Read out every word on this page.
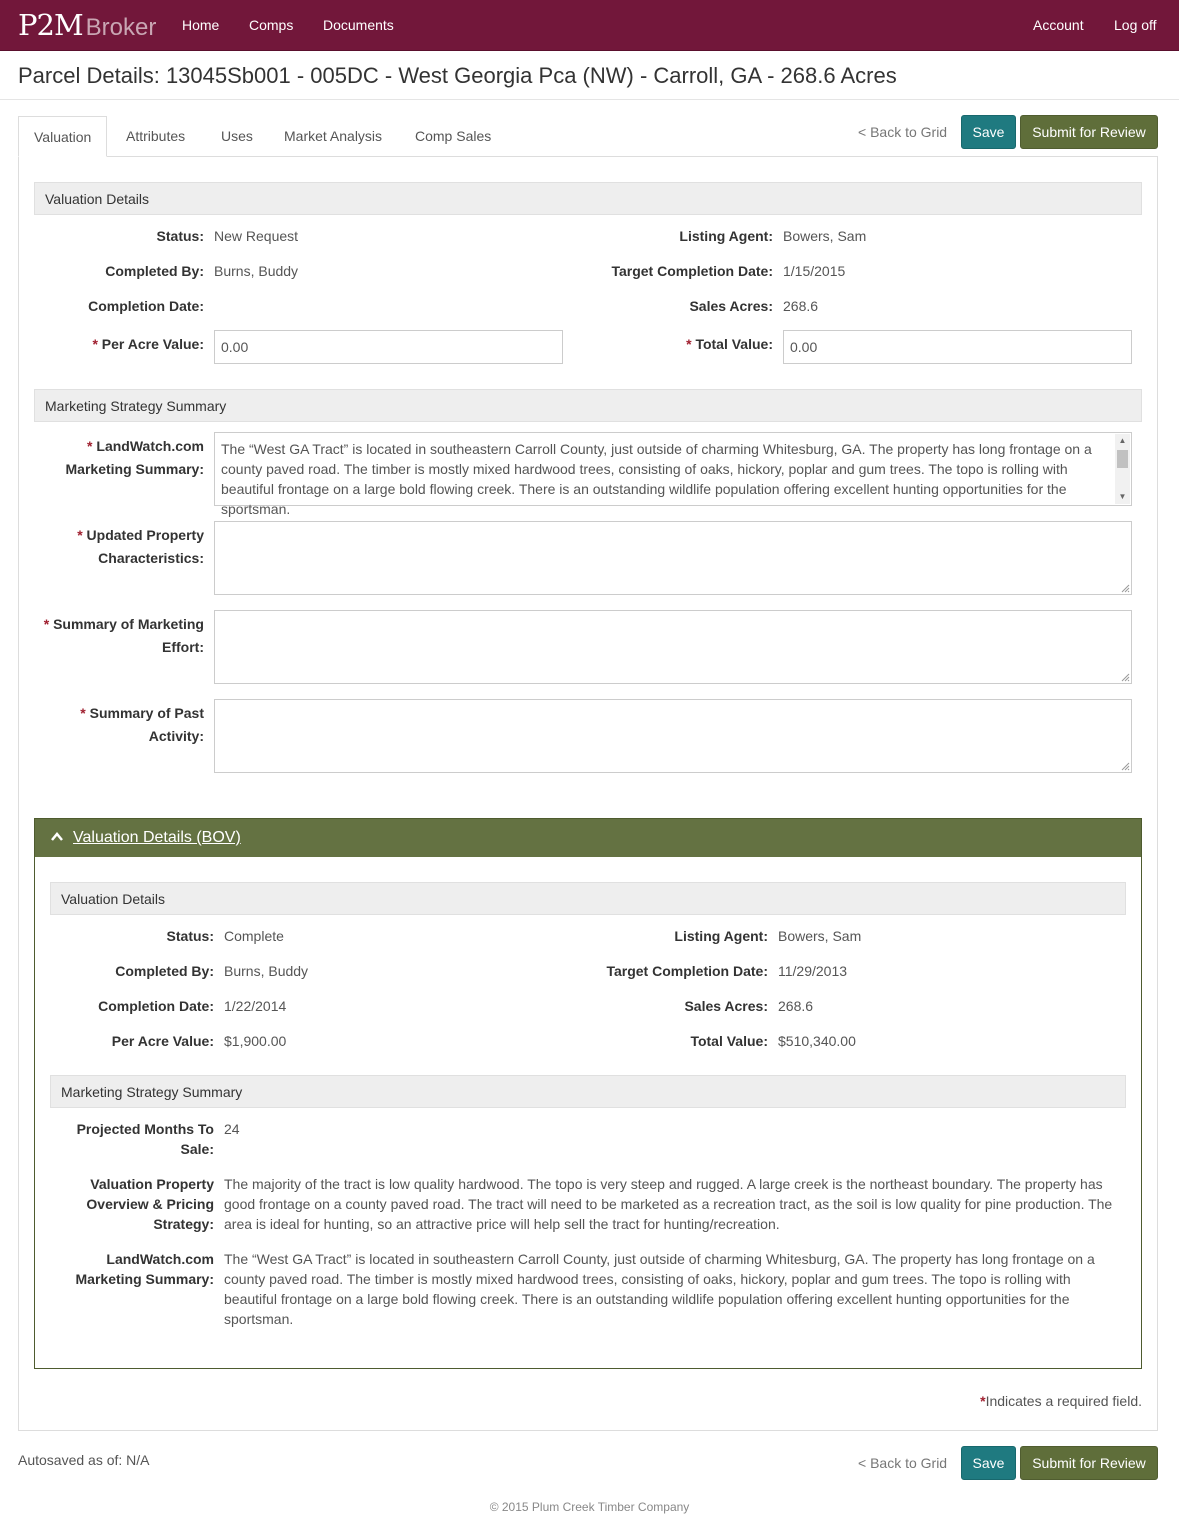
P2M Broker Home Comps Documents	Account Log off
Parcel Details: 13045Sb001 - 005DC - West Georgia Pca (NW) - Carroll, GA - 268.6 Acres
Valuation	Attributes	Uses	Market Analysis	Comp Sales	< Back to Grid	Save	Submit for Review
Valuation Details
Status: New Request
Completed By: Burns, Buddy
Completion Date:
* Per Acre Value:	0.00
Listing Agent: Bowers, Sam
Target Completion Date: 1/15/2015
Sales Acres: 268.6
* Total Value:	0.00
Marketing Strategy Summary
* LandWatch.com
Marketing Summary:
The “West GA Tract” is located in southeastern Carroll County, just outside of charming Whitesburg, GA. The property has long frontage on a county paved road. The timber is mostly mixed hardwood trees, consisting of oaks, hickory, poplar and gum trees. The topo is rolling with beautiful frontage on a large bold flowing creek. There is an outstanding wildlife population offering excellent hunting opportunities for the sportsman.
▲
▼
* Updated Property
Characteristics:
* Summary of Marketing
Effort:
* Summary of Past
Activity:
Valuation Details (BOV)
Valuation Details
Status: Complete
Completed By: Burns, Buddy
Completion Date: 1/22/2014
Per Acre Value: $1,900.00
Listing Agent: Bowers, Sam
Target Completion Date: 11/29/2013
Sales Acres: 268.6
Total Value: $510,340.00
Marketing Strategy Summary
Projected Months To
Sale:
24
Valuation Property
Overview & Pricing
Strategy:
The majority of the tract is low quality hardwood. The topo is very steep and rugged. A large creek is the northeast boundary. The property has good frontage on a county paved road. The tract will need to be marketed as a recreation tract, as the soil is low quality for pine production. The area is ideal for hunting, so an attractive price will help sell the tract for hunting/recreation.
LandWatch.com
Marketing Summary:
The “West GA Tract” is located in southeastern Carroll County, just outside of charming Whitesburg, GA. The property has long frontage on a county paved road. The timber is mostly mixed hardwood trees, consisting of oaks, hickory, poplar and gum trees. The topo is rolling with beautiful frontage on a large bold flowing creek. There is an outstanding wildlife population offering excellent hunting opportunities for the sportsman.
*Indicates a required field.
Autosaved as of: N/A	< Back to Grid	Save	Submit for Review
© 2015 Plum Creek Timber Company
